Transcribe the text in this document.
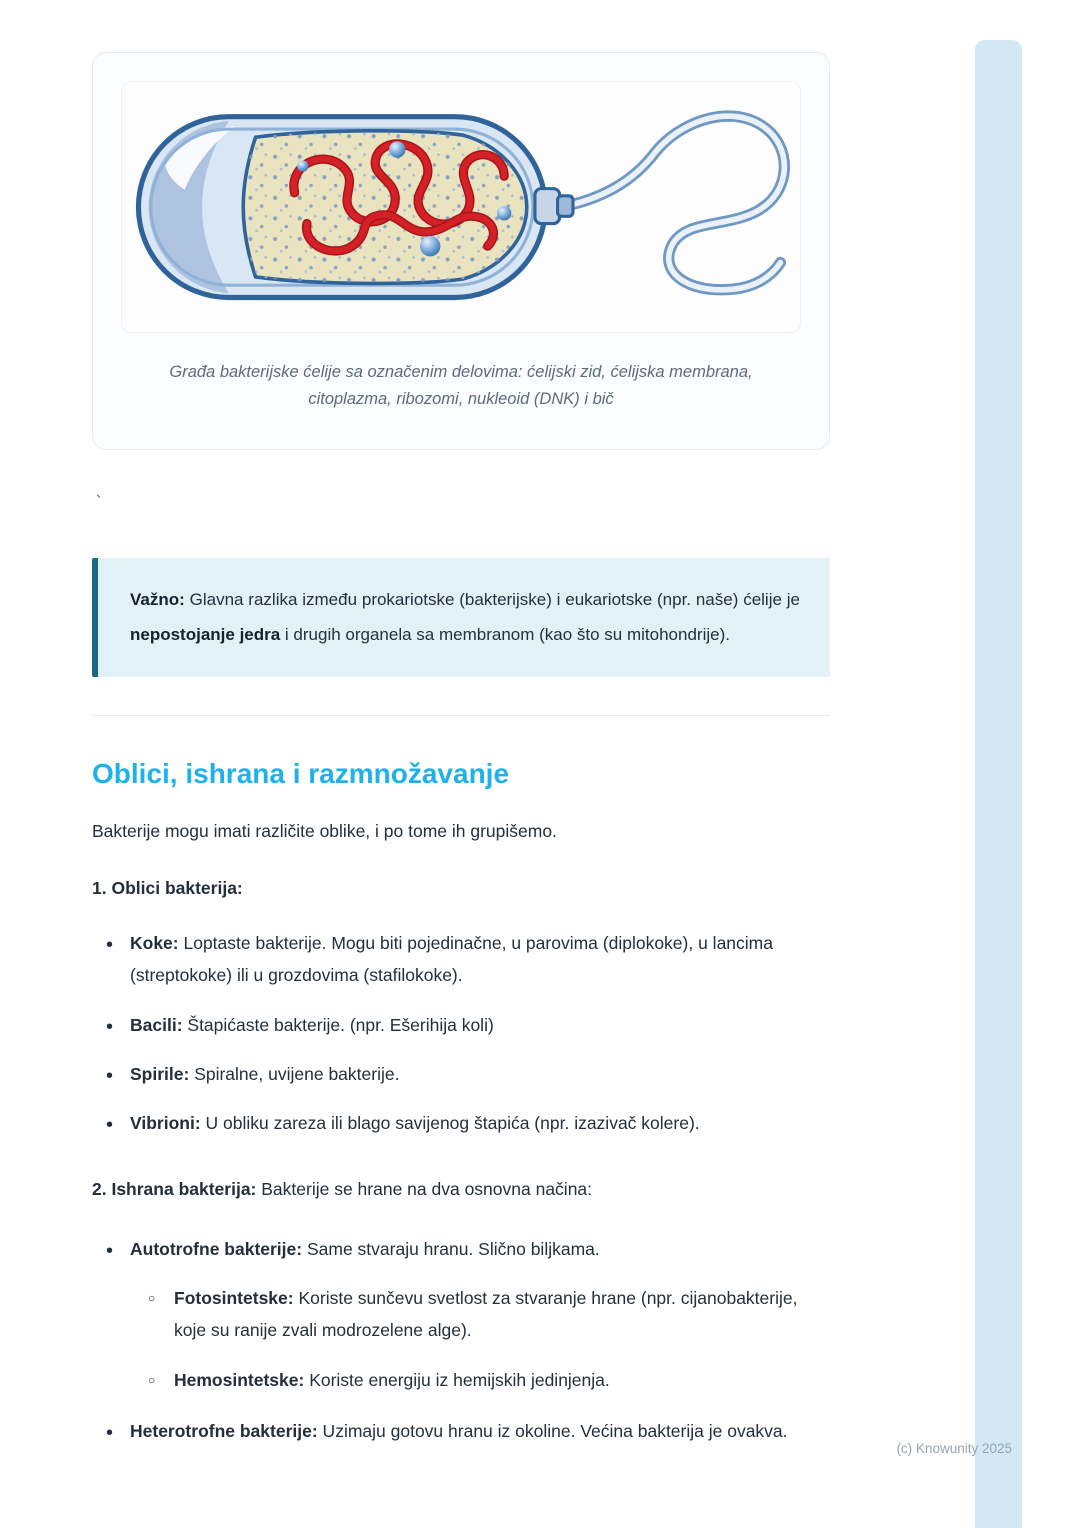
Građa bakterijske ćelije sa označenim delovima: ćelijski zid, ćelijska membrana, citoplazma, ribozomi, nukleoid (DNK) i bič

`

Važno: Glavna razlika između prokariotske (bakterijske) i eukariotske (npr. naše) ćelije je nepostojanje jedra i drugih organela sa membranom (kao što su mitohondrije).

Oblici, ishrana i razmnožavanje

Bakterije mogu imati različite oblike, i po tome ih grupišemo.

1. Oblici bakterija:

•
Koke: Loptaste bakterije. Mogu biti pojedinačne, u parovima (diplokoke), u lancima (streptokoke) ili u grozdovima (stafilokoke).
•
Bacili: Štapićaste bakterije. (npr. Ešerihija koli)
•
Spirile: Spiralne, uvijene bakterije.
•
Vibrioni: U obliku zareza ili blago savijenog štapića (npr. izazivač kolere).

2. Ishrana bakterija: Bakterije se hrane na dva osnovna načina:

•
Autotrofne bakterije: Same stvaraju hranu. Slično biljkama.
○
Fotosintetske: Koriste sunčevu svetlost za stvaranje hrane (npr. cijanobakterije, koje su ranije zvali modrozelene alge).
○
Hemosintetske: Koriste energiju iz hemijskih jedinjenja.
•
Heterotrofne bakterije: Uzimaju gotovu hranu iz okoline. Većina bakterija je ovakva.
(c) Knowunity 2025
